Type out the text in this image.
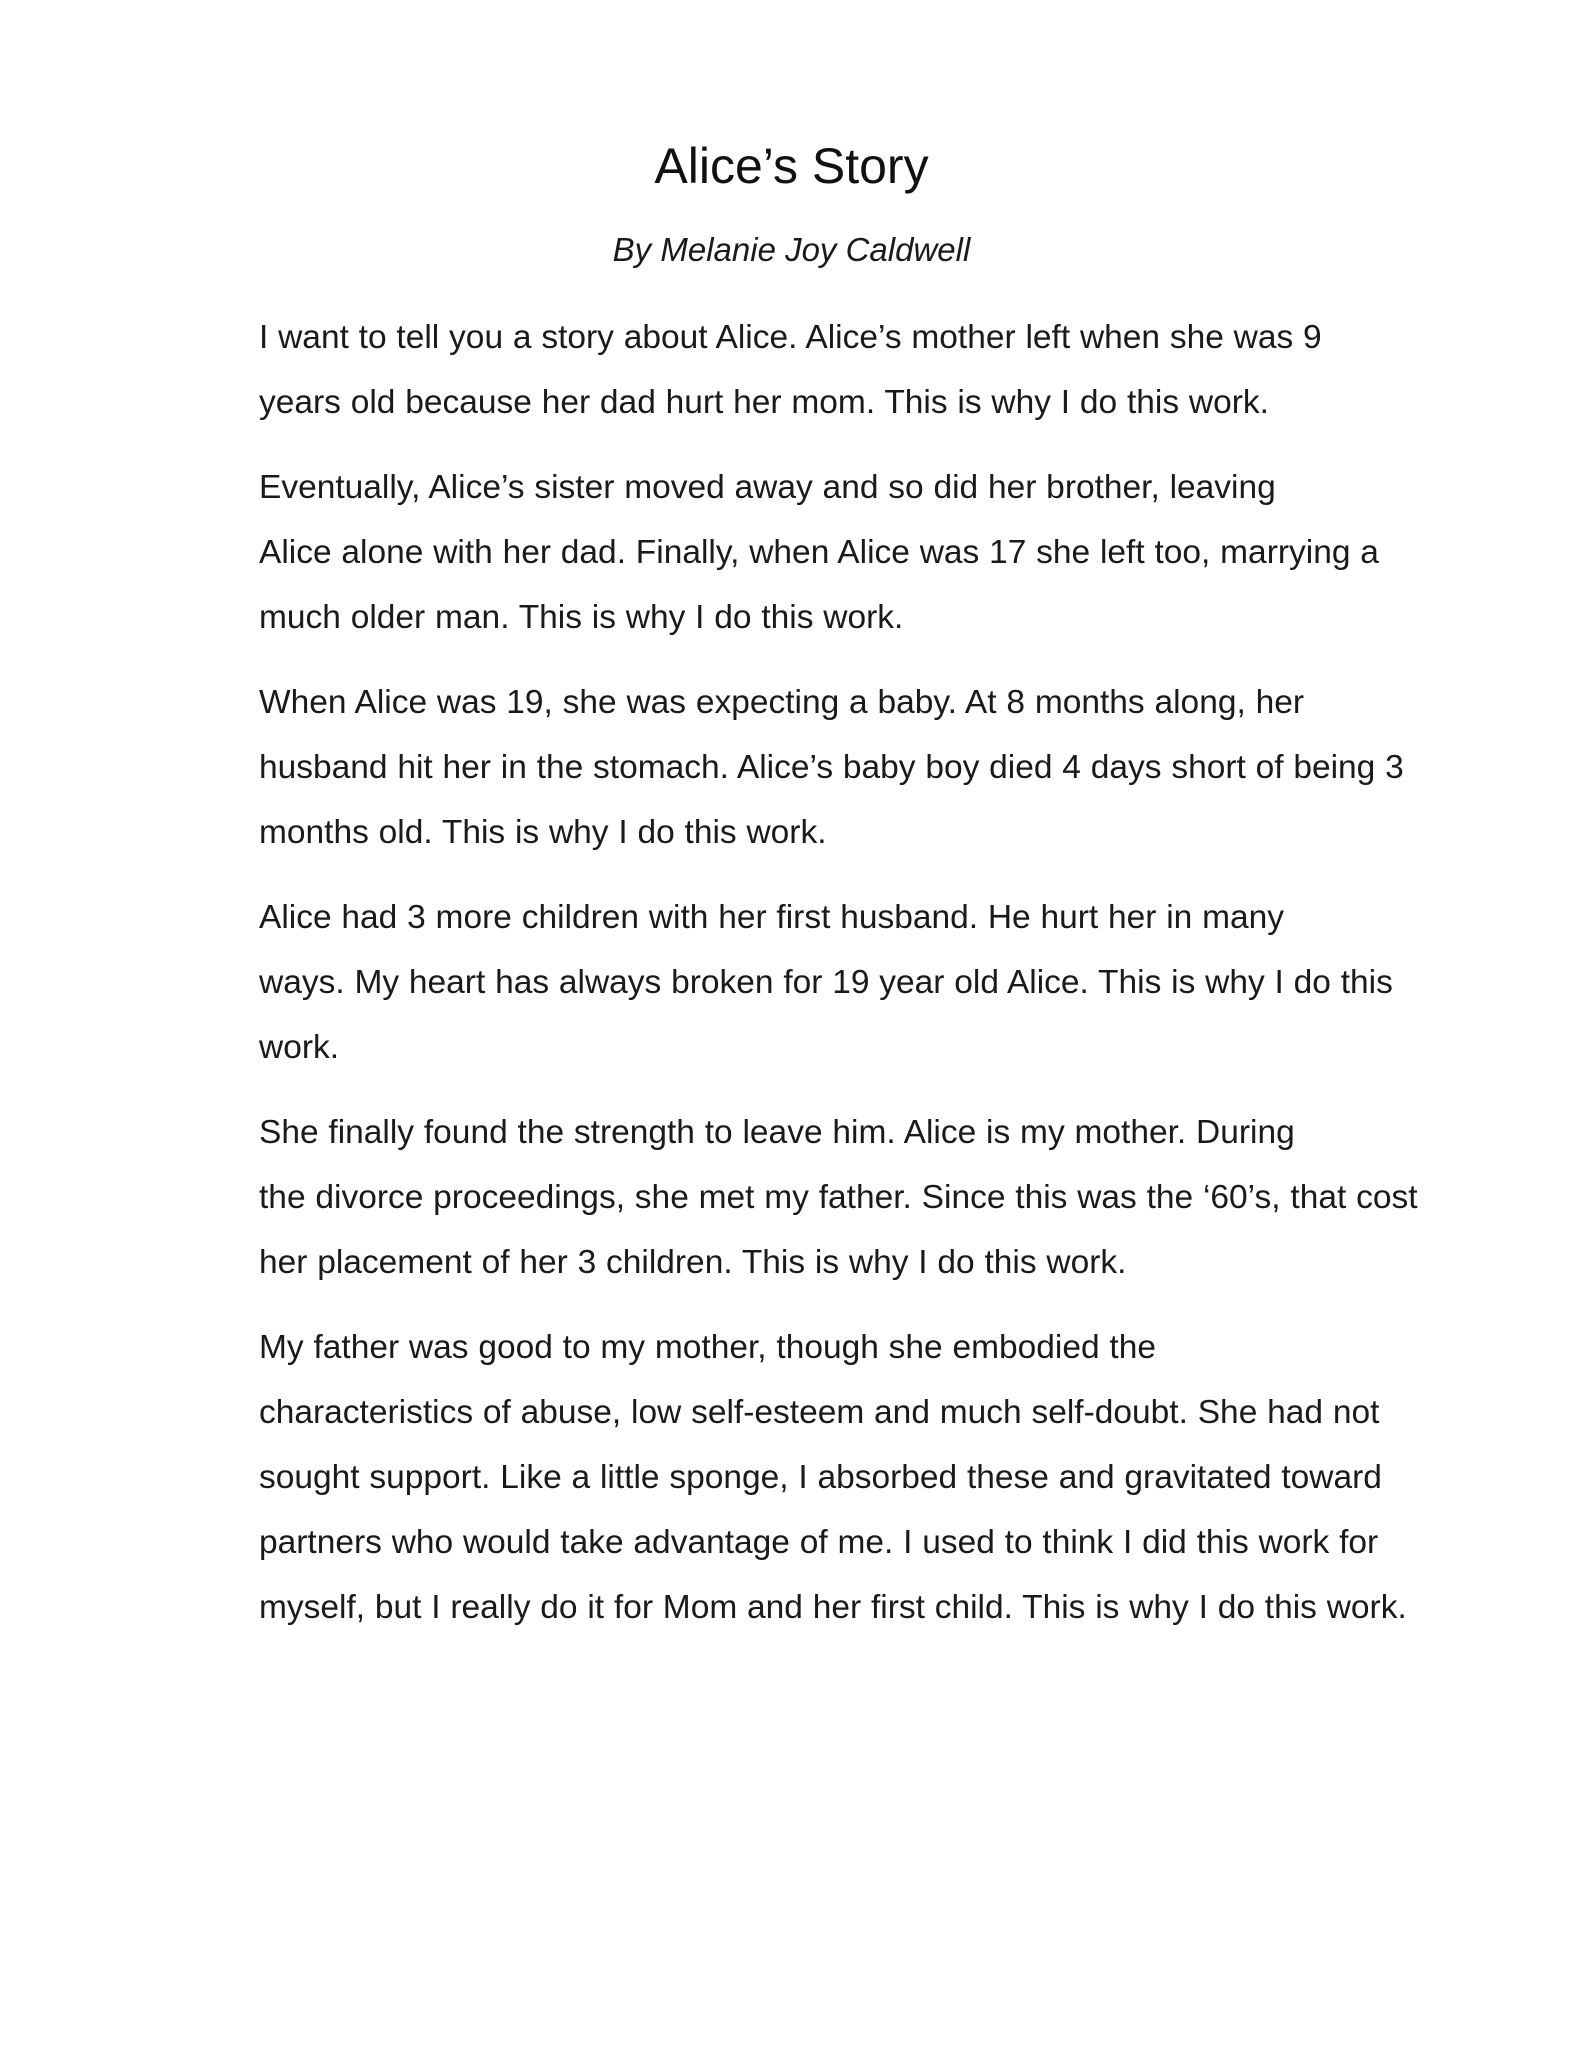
Alice’s Story

By Melanie Joy Caldwell

I want to tell you a story about Alice. Alice’s mother left when she was 9
years old because her dad hurt her mom. This is why I do this work.

Eventually, Alice’s sister moved away and so did her brother, leaving
Alice alone with her dad. Finally, when Alice was 17 she left too, marrying a
much older man. This is why I do this work.

When Alice was 19, she was expecting a baby. At 8 months along, her
husband hit her in the stomach. Alice’s baby boy died 4 days short of being 3
months old. This is why I do this work.

Alice had 3 more children with her first husband. He hurt her in many
ways. My heart has always broken for 19 year old Alice. This is why I do this
work.

She finally found the strength to leave him. Alice is my mother. During
the divorce proceedings, she met my father. Since this was the ‘60’s, that cost
her placement of her 3 children. This is why I do this work.

My father was good to my mother, though she embodied the
characteristics of abuse, low self-esteem and much self-doubt. She had not
sought support. Like a little sponge, I absorbed these and gravitated toward
partners who would take advantage of me. I used to think I did this work for
myself, but I really do it for Mom and her first child. This is why I do this work.
